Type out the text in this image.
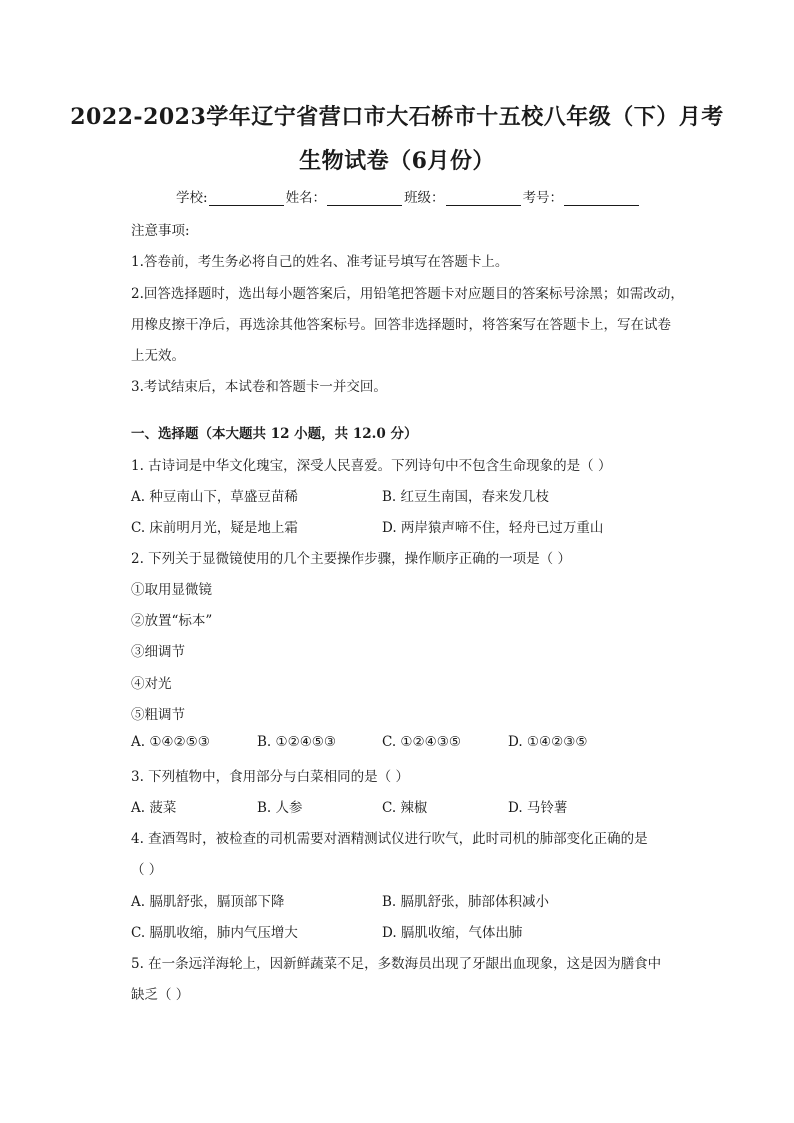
2022-2023学年辽宁省营口市大石桥市十五校八年级（下）月考
生物试卷（6月份）
学校:	姓名：	班级：	考号：
注意事项:
1.答卷前，考生务必将自己的姓名、准考证号填写在答题卡上。
2.回答选择题时，选出每小题答案后，用铅笔把答题卡对应题目的答案标号涂黑；如需改动，
用橡皮擦干净后，再选涂其他答案标号。回答非选择题时，将答案写在答题卡上，写在试卷
上无效。
3.考试结束后，本试卷和答题卡一并交回。
一、选择题（本大题共 12 小题，共 12.0 分）
1. 古诗词是中华文化瑰宝，深受人民喜爱。下列诗句中不包含生命现象的是（ ）
A. 种豆南山下，草盛豆苗稀	B. 红豆生南国，春来发几枝
C. 床前明月光，疑是地上霜	D. 两岸猿声啼不住，轻舟已过万重山
2. 下列关于显微镜使用的几个主要操作步骤，操作顺序正确的一项是（ ）
①取用显微镜
②放置“标本”
③细调节
④对光
⑤粗调节
A. ①④②⑤③	B. ①②④⑤③	C. ①②④③⑤	D. ①④②③⑤
3. 下列植物中，食用部分与白菜相同的是（ ）
A. 菠菜	B. 人参	C. 辣椒	D. 马铃薯
4. 查酒驾时，被检查的司机需要对酒精测试仪进行吹气，此时司机的肺部变化正确的是
（ ）
A. 膈肌舒张，膈顶部下降	B. 膈肌舒张，肺部体积减小
C. 膈肌收缩，肺内气压增大	D. 膈肌收缩，气体出肺
5. 在一条远洋海轮上，因新鲜蔬菜不足，多数海员出现了牙龈出血现象，这是因为膳食中
缺乏（ ）
